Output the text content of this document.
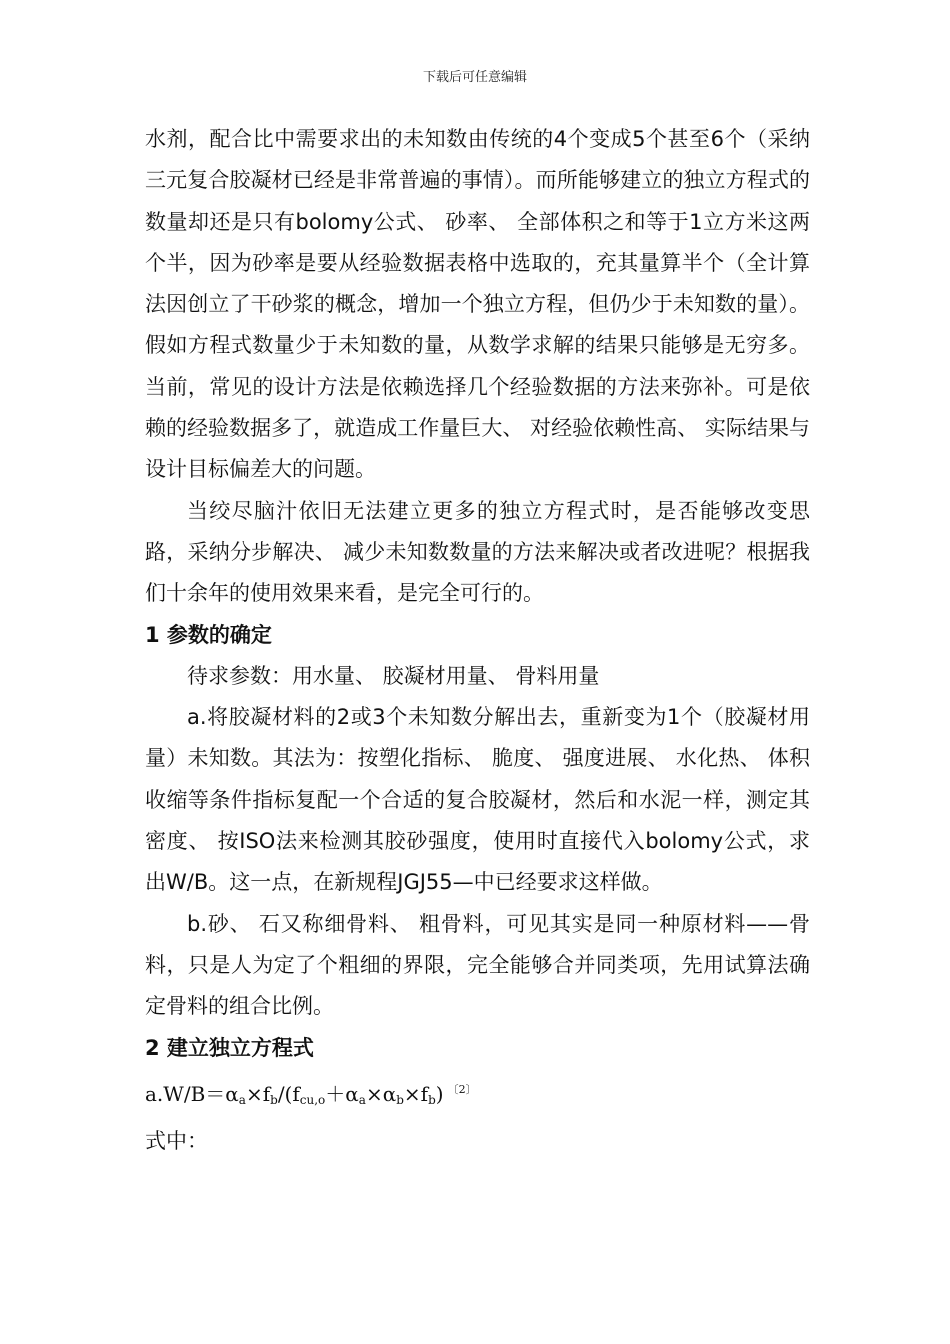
下载后可任意编辑

水剂，配合比中需要求出的未知数由传统的4个变成5个甚至6个（采纳三元复合胶凝材已经是非常普遍的事情）。而所能够建立的独立方程式的数量却还是只有bolomy公式、 砂率、 全部体积之和等于1立方米这两个半，因为砂率是要从经验数据表格中选取的，充其量算半个（全计算法因创立了干砂浆的概念，增加一个独立方程，但仍少于未知数的量）。假如方程式数量少于未知数的量，从数学求解的结果只能够是无穷多。当前，常见的设计方法是依赖选择几个经验数据的方法来弥补。可是依赖的经验数据多了，就造成工作量巨大、 对经验依赖性高、 实际结果与设计目标偏差大的问题。

当绞尽脑汁依旧无法建立更多的独立方程式时，是否能够改变思路，采纳分步解决、 减少未知数数量的方法来解决或者改进呢？根据我们十余年的使用效果来看，是完全可行的。

1 参数的确定

待求参数：用水量、 胶凝材用量、 骨料用量

a.将胶凝材料的2或3个未知数分解出去，重新变为1个（胶凝材用量）未知数。其法为：按塑化指标、 脆度、 强度进展、 水化热、 体积收缩等条件指标复配一个合适的复合胶凝材，然后和水泥一样，测定其密度、 按ISO法来检测其胶砂强度，使用时直接代入bolomy公式，求出W/B。这一点，在新规程JGJ55—中已经要求这样做。

b.砂、 石又称细骨料、 粗骨料，可见其实是同一种原材料——骨料，只是人为定了个粗细的界限，完全能够合并同类项，先用试算法确定骨料的组合比例。

2 建立独立方程式

$a.W/B=\alpha_a\times f_b/(f_{cu,o}+\alpha_a\times\alpha_b\times f_b)$ $^{〔2〕}$

式中：
